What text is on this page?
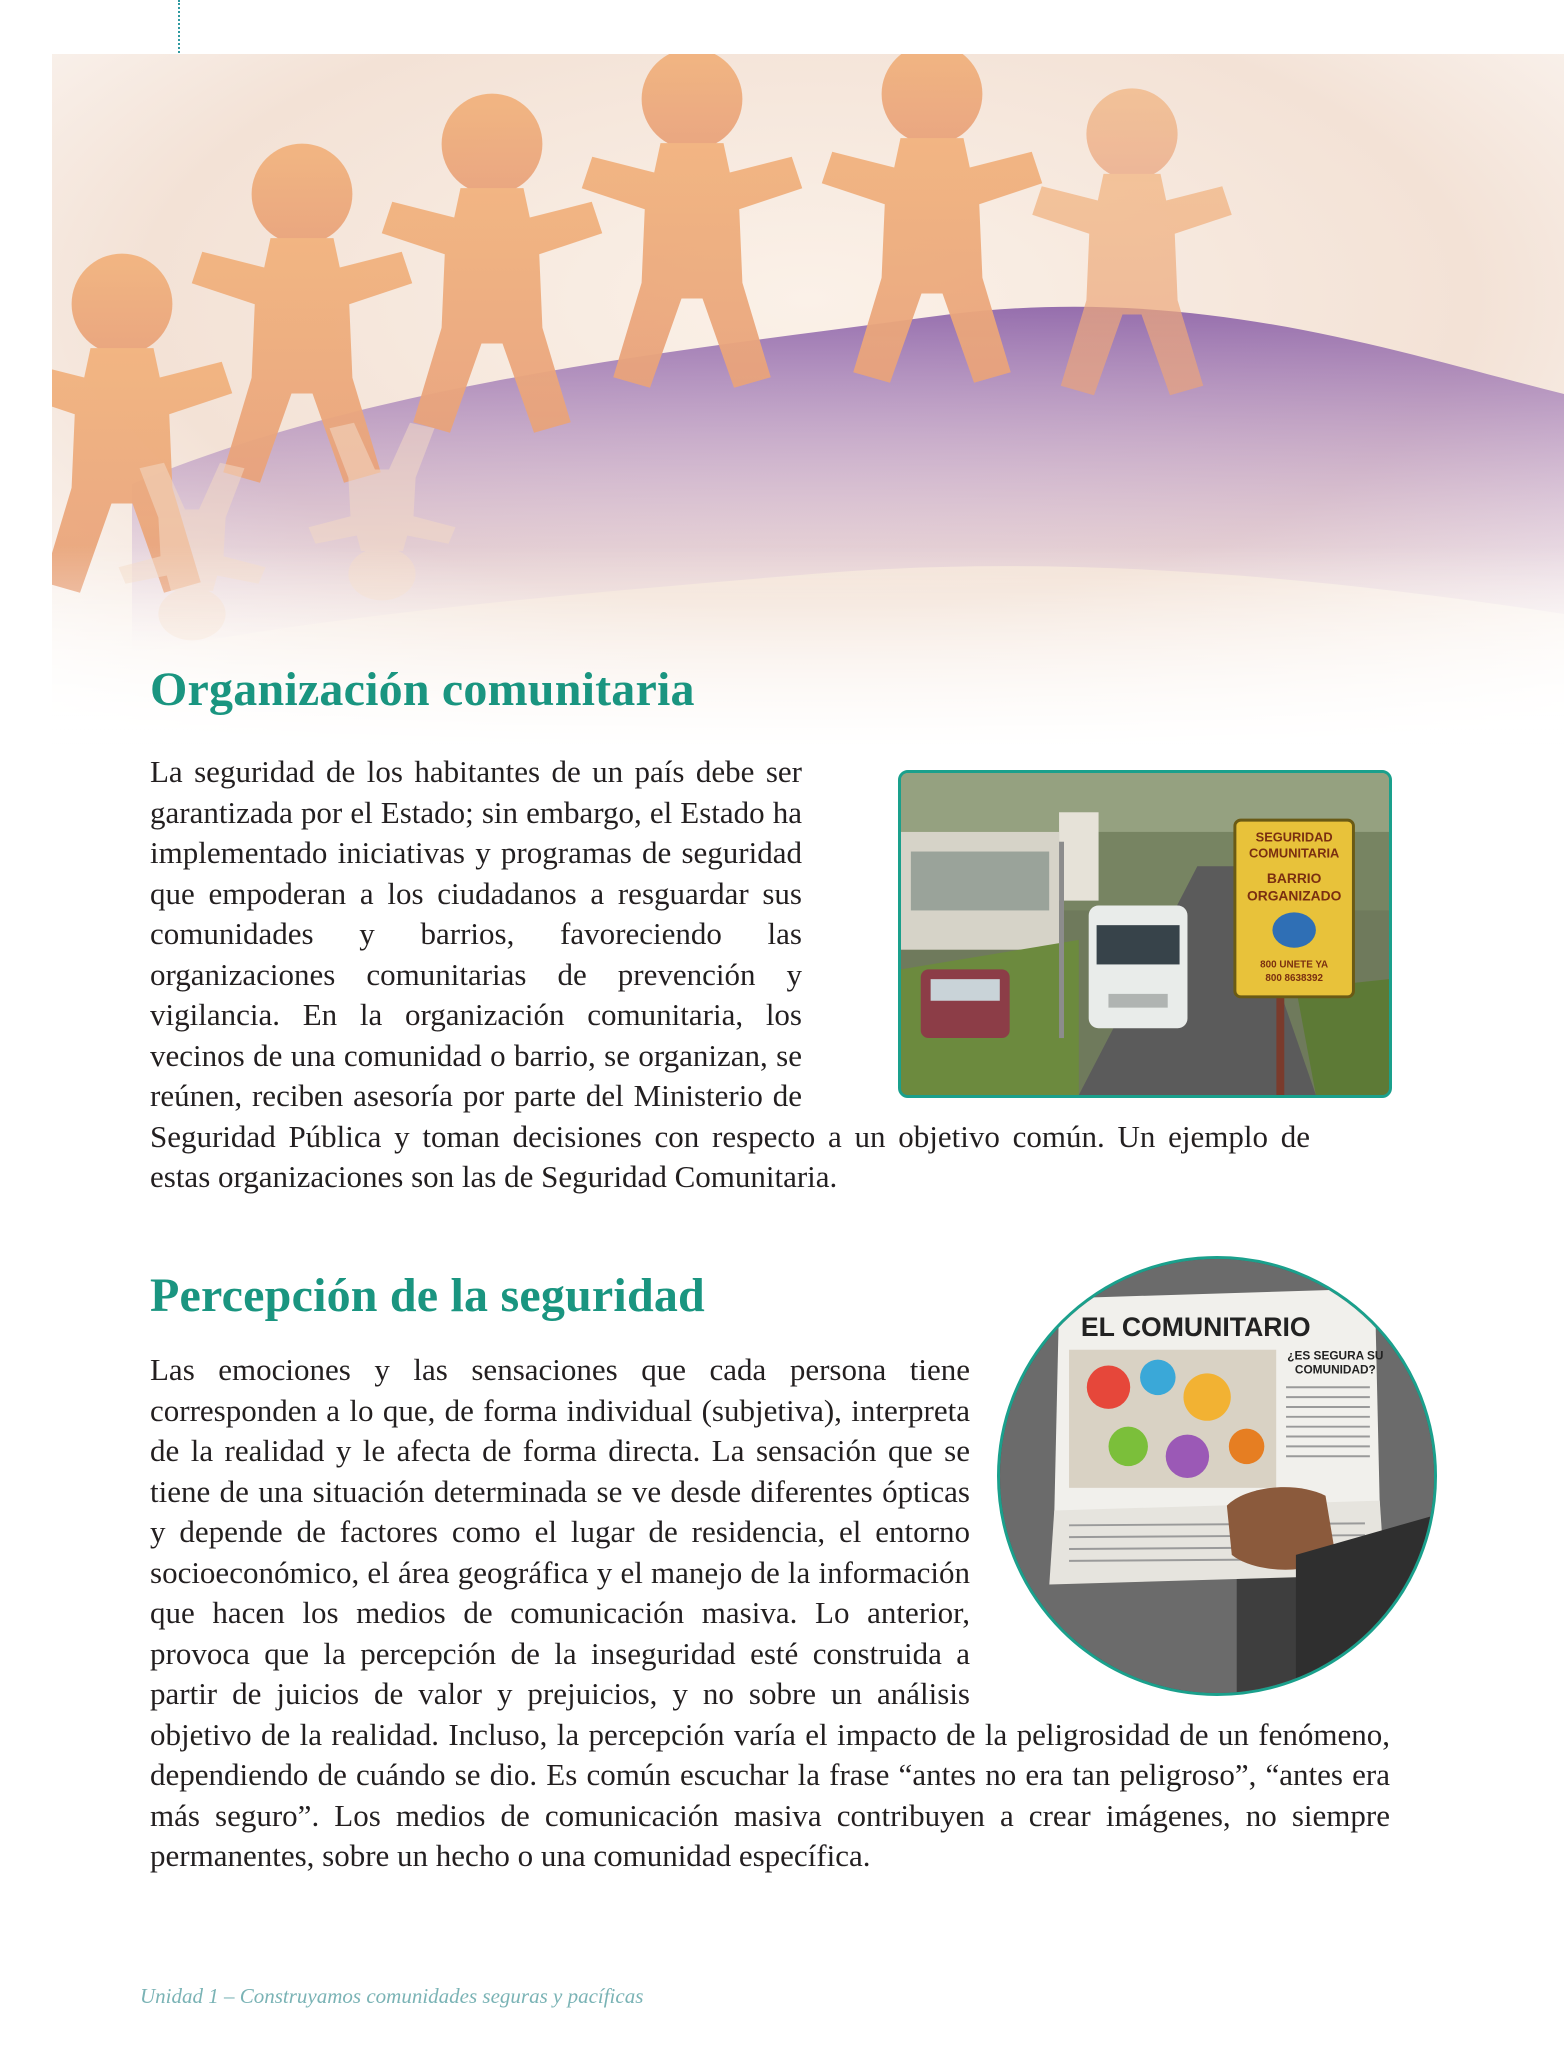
Organización comunitaria

La seguridad de los habitantes de un país debe ser garantizada por el Estado; sin embargo, el Estado ha implementado iniciativas y programas de seguridad que empoderan a los ciudadanos a resguardar sus comunidades y barrios, favoreciendo las organizaciones comunitarias de prevención y vigilancia. En la organización comunitaria, los vecinos de una comunidad o barrio, se organizan, se reúnen, reciben asesoría por parte del Ministerio de Seguridad Pública y toman decisiones con respecto a un objetivo común. Un ejemplo de estas organizaciones son las de Seguridad Comunitaria.

SEGURIDAD
COMUNITARIA
BARRIO
ORGANIZADO
800 UNETE YA
800 8638392
Percepción de la seguridad

Las emociones y las sensaciones que cada persona tiene corresponden a lo que, de forma individual (subjetiva), interpreta de la realidad y le afecta de forma directa. La sensación que se tiene de una situación determinada se ve desde diferentes ópticas y depende de factores como el lugar de residencia, el entorno socioeconómico, el área geográfica y el manejo de la información que hacen los medios de comunicación masiva. Lo anterior, provoca que la percepción de la inseguridad esté construida a partir de juicios de valor y prejuicios, y no sobre un análisis objetivo de la realidad. Incluso, la percepción varía el impacto de la peligrosidad de un fenómeno, dependiendo de cuándo se dio. Es común escuchar la frase “antes no era tan peligroso”, “antes era más seguro”. Los medios de comunicación masiva contribuyen a crear imágenes, no siempre permanentes, sobre un hecho o una comunidad específica.

EL COMUNITARIO
¿ES SEGURA SU
COMUNIDAD?
Unidad 1 – Construyamos comunidades seguras y pacíficas
